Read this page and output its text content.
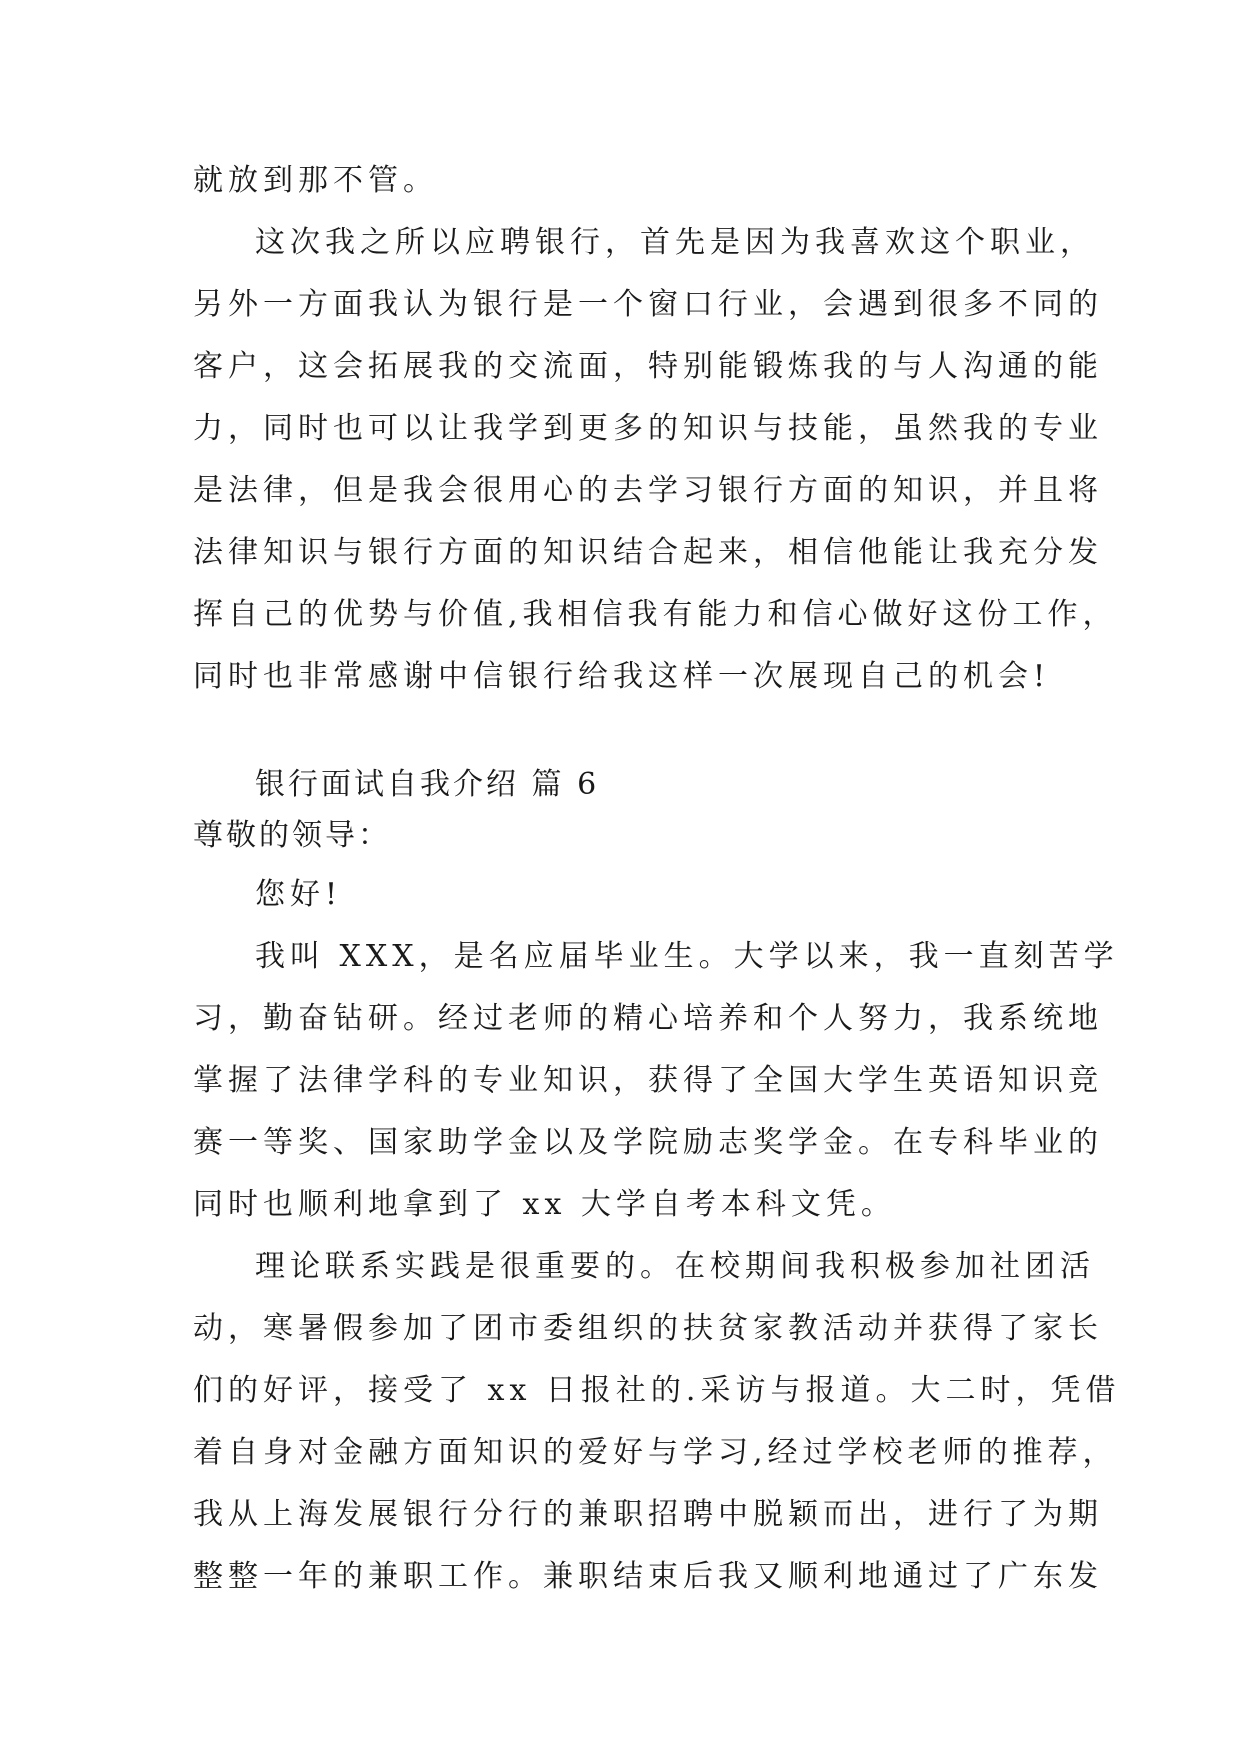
就放到那不管。
这次我之所以应聘银行，首先是因为我喜欢这个职业，
另外一方面我认为银行是一个窗口行业，会遇到很多不同的
客户，这会拓展我的交流面，特别能锻炼我的与人沟通的能
力，同时也可以让我学到更多的知识与技能，虽然我的专业
是法律，但是我会很用心的去学习银行方面的知识，并且将
法律知识与银行方面的知识结合起来，相信他能让我充分发
挥自己的优势与价值,我相信我有能力和信心做好这份工作，
同时也非常感谢中信银行给我这样一次展现自己的机会!
银行面试自我介绍 篇 6
尊敬的领导：
您好!
我叫 XXX，是名应届毕业生。大学以来，我一直刻苦学
习，勤奋钻研。经过老师的精心培养和个人努力，我系统地
掌握了法律学科的专业知识，获得了全国大学生英语知识竞
赛一等奖、国家助学金以及学院励志奖学金。在专科毕业的
同时也顺利地拿到了 xx 大学自考本科文凭。
理论联系实践是很重要的。在校期间我积极参加社团活
动，寒暑假参加了团市委组织的扶贫家教活动并获得了家长
们的好评，接受了 xx 日报社的.采访与报道。大二时，凭借
着自身对金融方面知识的爱好与学习,经过学校老师的推荐，
我从上海发展银行分行的兼职招聘中脱颖而出，进行了为期
整整一年的兼职工作。兼职结束后我又顺利地通过了广东发
